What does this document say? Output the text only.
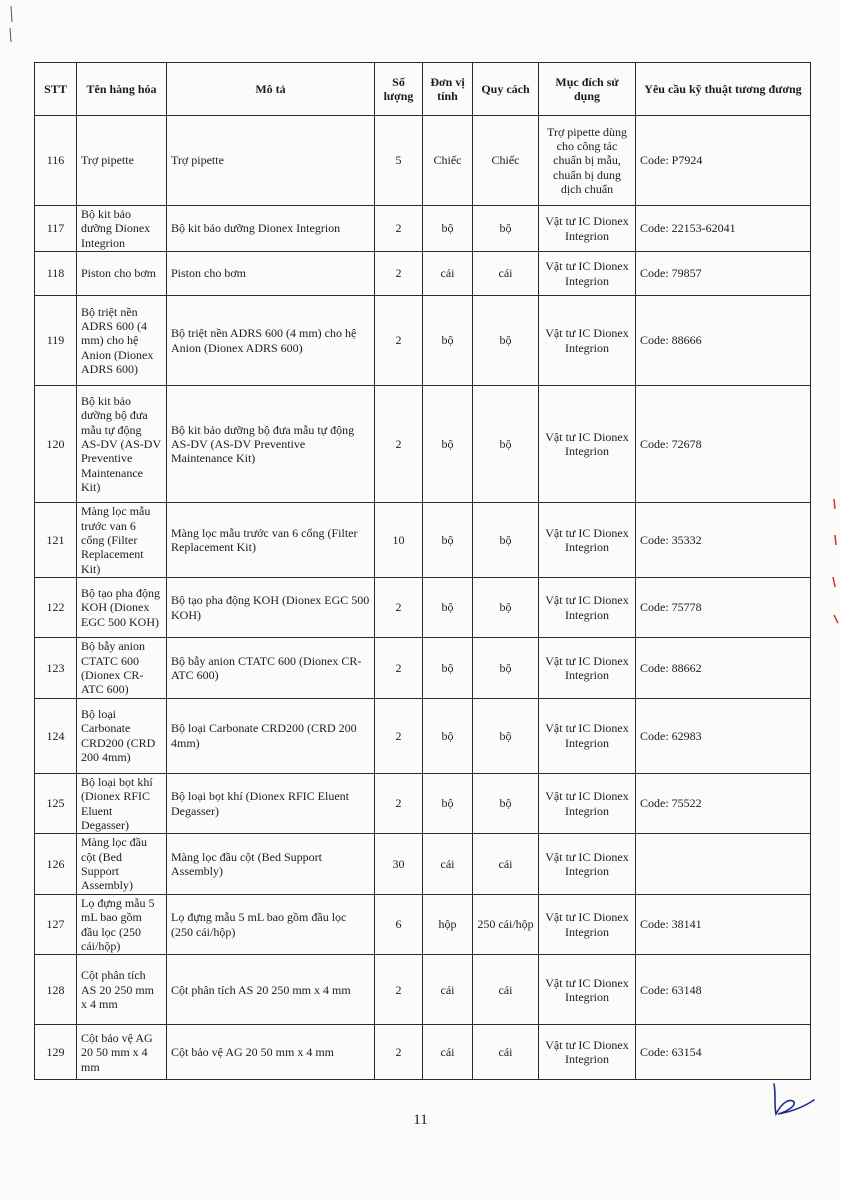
STT	Tên hàng hóa	Mô tả	Số lượng	Đơn vị tính	Quy cách	Mục đích sử dụng	Yêu cầu kỹ thuật tương đương
116	Trợ pipette	Trợ pipette	5	Chiếc	Chiếc	Trợ pipette dùng cho công tác chuẩn bị mẫu, chuẩn bị dung dịch chuẩn	Code: P7924
117	Bộ kit bảo dưỡng Dionex Integrion	Bộ kit bảo dưỡng Dionex Integrion	2	bộ	bộ	Vật tư IC Dionex Integrion	Code: 22153-62041
118	Piston cho bơm	Piston cho bơm	2	cái	cái	Vật tư IC Dionex Integrion	Code: 79857
119	Bộ triệt nền ADRS 600 (4 mm) cho hệ Anion (Dionex ADRS 600)	Bộ triệt nền ADRS 600 (4 mm) cho hệ Anion (Dionex ADRS 600)	2	bộ	bộ	Vật tư IC Dionex Integrion	Code: 88666
120	Bộ kit bảo dưỡng bộ đưa mẫu tự động AS-DV (AS-DV Preventive Maintenance Kit)	Bộ kit bảo dưỡng bộ đưa mẫu tự động AS-DV (AS-DV Preventive Maintenance Kit)	2	bộ	bộ	Vật tư IC Dionex Integrion	Code: 72678
121	Màng lọc mẫu trước van 6 cổng (Filter Replacement Kit)	Màng lọc mẫu trước van 6 cổng (Filter Replacement Kit)	10	bộ	bộ	Vật tư IC Dionex Integrion	Code: 35332
122	Bộ tạo pha động KOH (Dionex EGC 500 KOH)	Bộ tạo pha động KOH (Dionex EGC 500 KOH)	2	bộ	bộ	Vật tư IC Dionex Integrion	Code: 75778
123	Bộ bẫy anion CTATC 600 (Dionex CR-ATC 600)	Bộ bẫy anion CTATC 600 (Dionex CR-ATC 600)	2	bộ	bộ	Vật tư IC Dionex Integrion	Code: 88662
124	Bộ loại Carbonate CRD200 (CRD 200 4mm)	Bộ loại Carbonate CRD200 (CRD 200 4mm)	2	bộ	bộ	Vật tư IC Dionex Integrion	Code: 62983
125	Bộ loại bọt khí (Dionex RFIC Eluent Degasser)	Bộ loại bọt khí (Dionex RFIC Eluent Degasser)	2	bộ	bộ	Vật tư IC Dionex Integrion	Code: 75522
126	Màng lọc đầu cột (Bed Support Assembly)	Màng lọc đầu cột (Bed Support Assembly)	30	cái	cái	Vật tư IC Dionex Integrion	
127	Lọ đựng mẫu 5 mL bao gồm đầu lọc (250 cái/hộp)	Lọ đựng mẫu 5 mL bao gồm đầu lọc (250 cái/hộp)	6	hộp	250 cái/hộp	Vật tư IC Dionex Integrion	Code: 38141
128	Cột phân tích AS 20 250 mm x 4 mm	Cột phân tích AS 20 250 mm x 4 mm	2	cái	cái	Vật tư IC Dionex Integrion	Code: 63148
129	Cột bảo vệ AG 20 50 mm x 4 mm	Cột bảo vệ AG 20 50 mm x 4 mm	2	cái	cái	Vật tư IC Dionex Integrion	Code: 63154
11
